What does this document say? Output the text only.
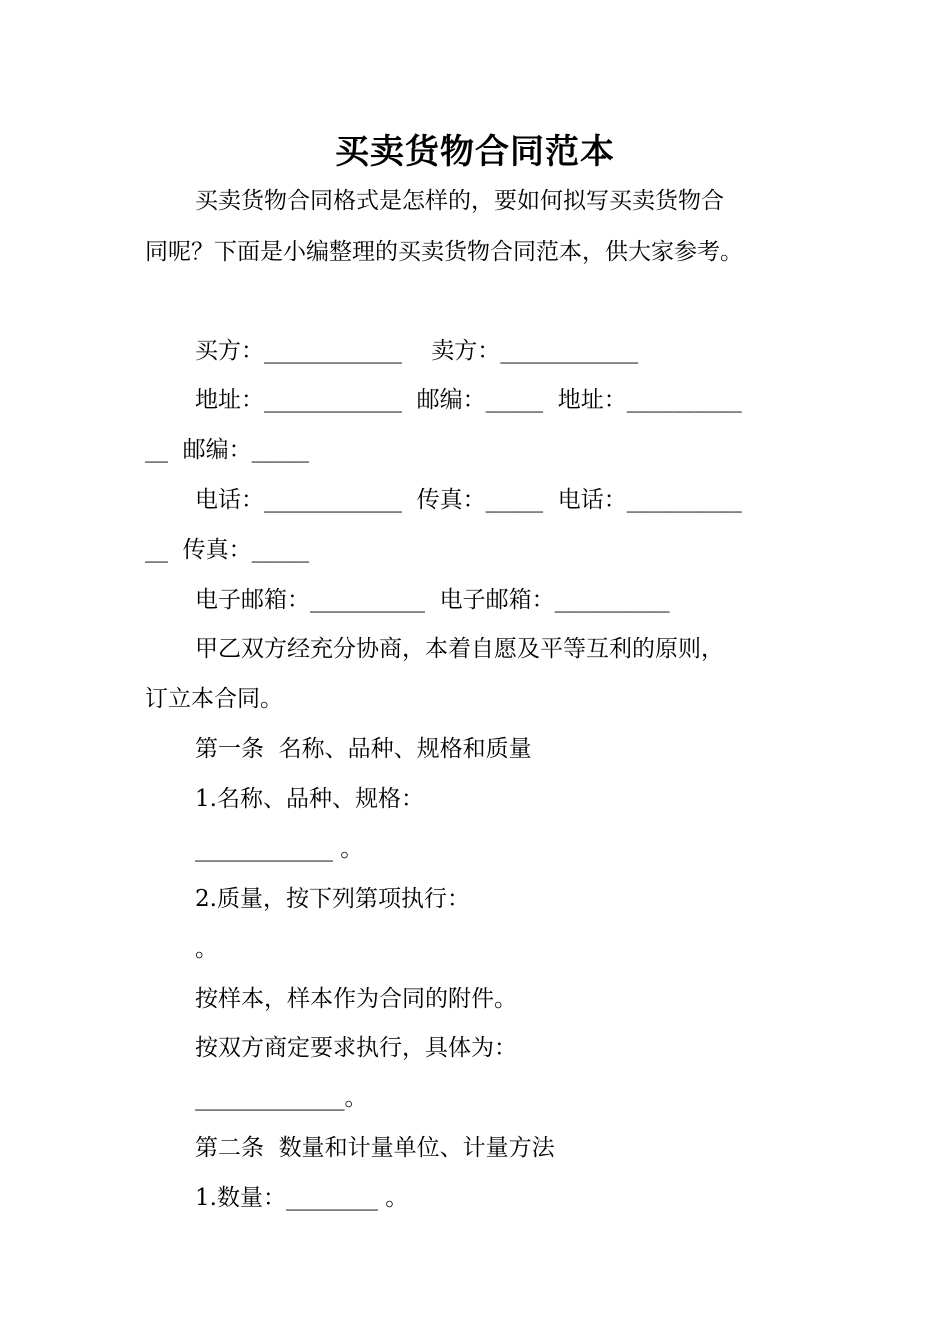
买卖货物合同范本
买卖货物合同格式是怎样的，要如何拟写买卖货物合
同呢？下面是小编整理的买卖货物合同范本，供大家参考。
买方：____________    卖方：____________
地址：____________  邮编：_____  地址：__________
__  邮编：_____
电话：____________  传真：_____  电话：__________
__  传真：_____
电子邮箱：__________  电子邮箱：__________
甲乙双方经充分协商，本着自愿及平等互利的原则，
订立本合同。
第一条  名称、品种、规格和质量
1.名称、品种、规格：
____________ 。
2.质量，按下列第项执行：
。
按样本，样本作为合同的附件。
按双方商定要求执行，具体为：
_____________。
第二条  数量和计量单位、计量方法
1.数量：________ 。
